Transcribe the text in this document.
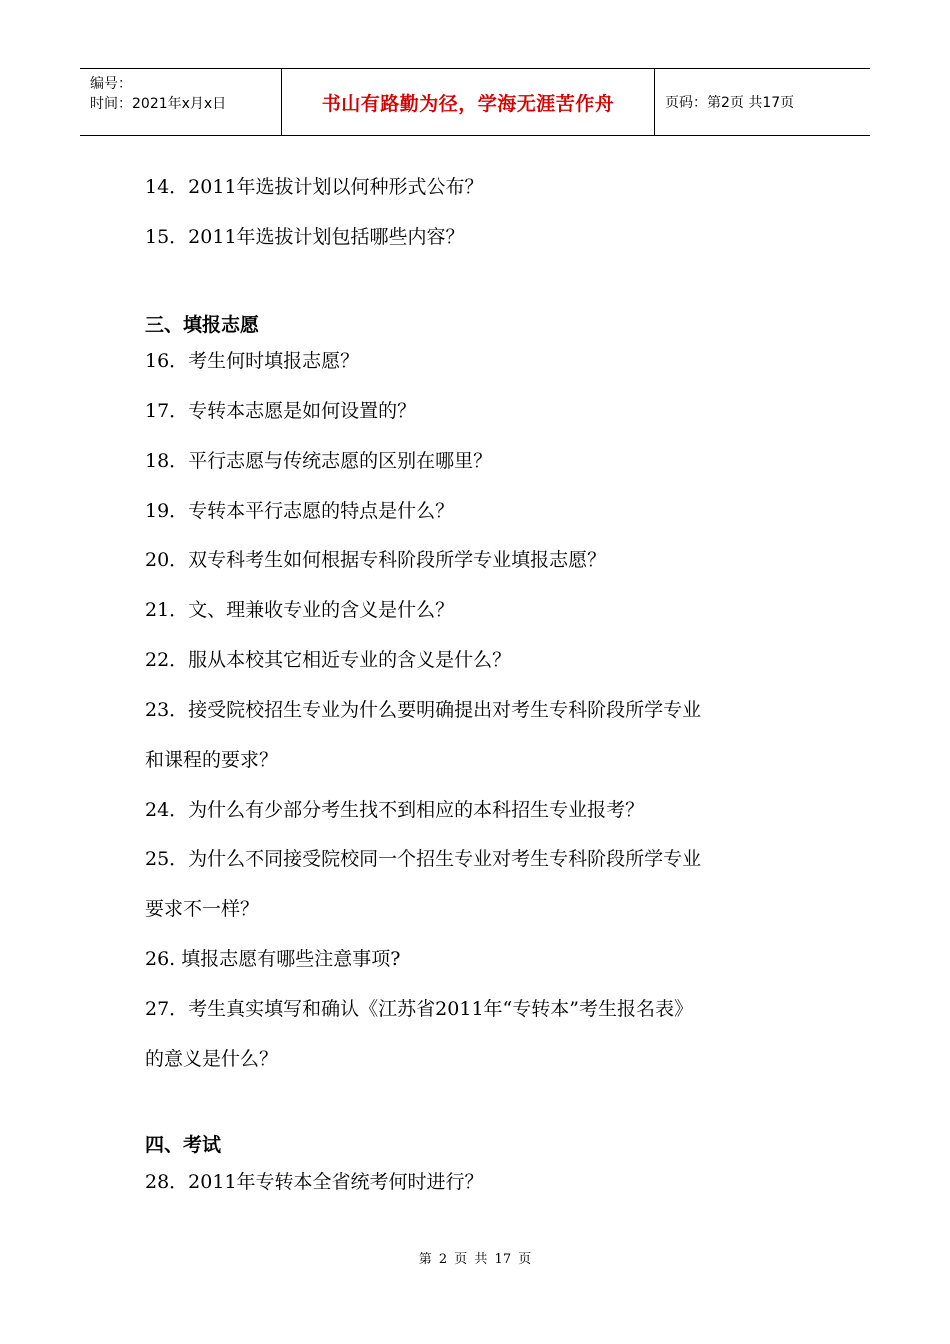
编号：
时间：2021年x月x日	书山有路勤为径，学海无涯苦作舟	页码：第2页 共17页
14．2011年选拔计划以何种形式公布？
15．2011年选拔计划包括哪些内容？
三、填报志愿
16．考生何时填报志愿？
17．专转本志愿是如何设置的？
18．平行志愿与传统志愿的区别在哪里？
19．专转本平行志愿的特点是什么？
20．双专科考生如何根据专科阶段所学专业填报志愿？
21．文、理兼收专业的含义是什么？
22．服从本校其它相近专业的含义是什么？
23．接受院校招生专业为什么要明确提出对考生专科阶段所学专业
和课程的要求？
24．为什么有少部分考生找不到相应的本科招生专业报考？
25．为什么不同接受院校同一个招生专业对考生专科阶段所学专业
要求不一样？
26. 填报志愿有哪些注意事项?
27．考生真实填写和确认《江苏省2011年“专转本”考生报名表》
的意义是什么？
四、考试
28．2011年专转本全省统考何时进行？
第 2 页 共 17 页
